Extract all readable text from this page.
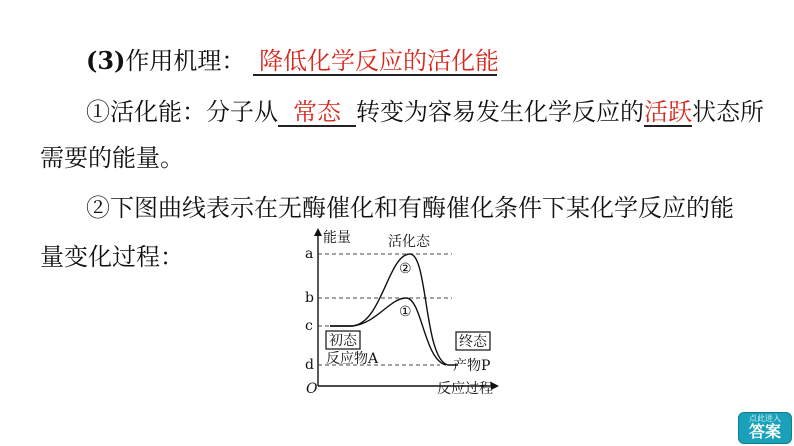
(3)作用机理： 降低化学反应的活化能
①活化能：分子从 常态 转变为容易发生化学反应的活跃状态所
需要的能量。
②下图曲线表示在无酶催化和有酶催化条件下某化学反应的能
量变化过程：
能量
反应过程
O
a
b
c
d
活化态
②
①
初态
反应物A
终态
产物P
点此进入
答案
